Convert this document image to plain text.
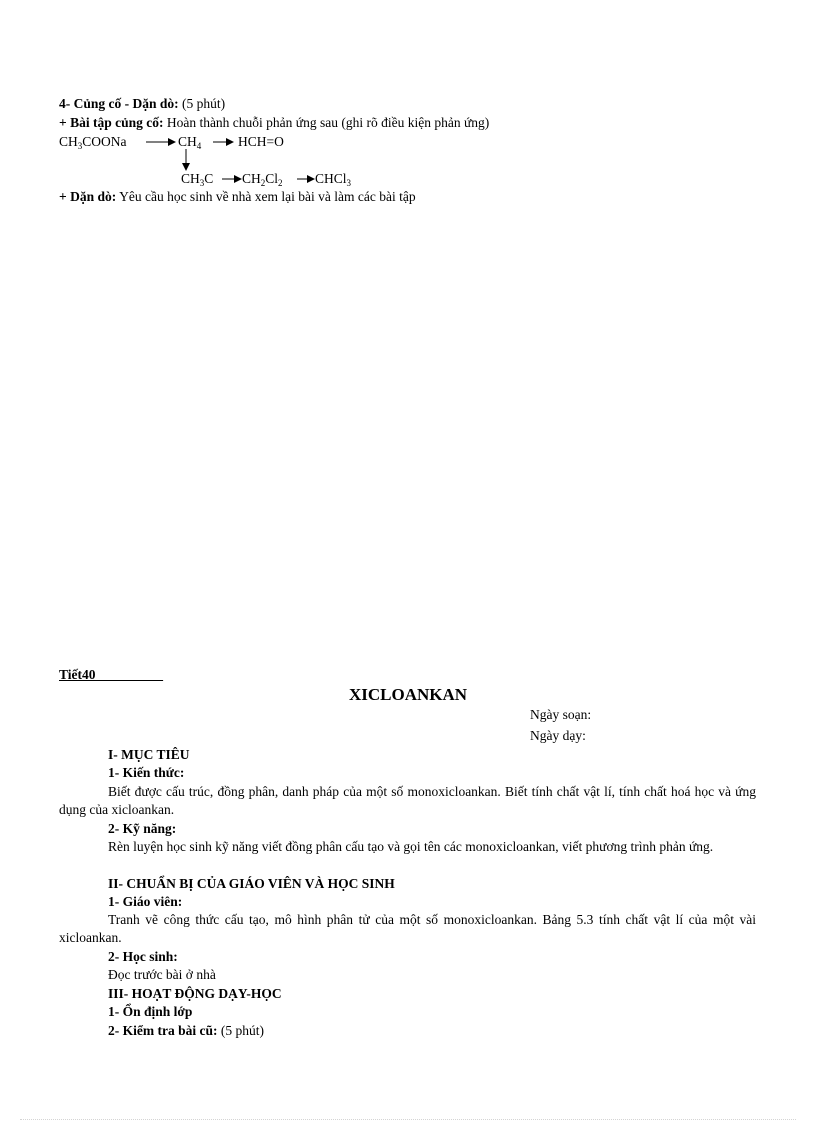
4- Củng cố - Dặn dò: (5 phút)
+ Bài tập củng cố: Hoàn thành chuỗi phản ứng sau (ghi rõ điều kiện phản ứng)
$CH_3COONa$	$CH_4$	HCH=O
$CH_3C$ $CH_2Cl_2$ CHCl$_3$
+ Dặn dò: Yêu cầu học sinh về nhà xem lại bài và làm các bài tập
Tiết40__________
XICLOANKAN
Ngày soạn:
Ngày dạy:
I- MỤC TIÊU
1- Kiến thức:
Biết được cấu trúc, đồng phân, danh pháp của một số monoxicloankan. Biết tính chất vật lí, tính chất hoá học và ứng dụng của xicloankan.
2- Kỹ năng:
Rèn luyện học sinh kỹ năng viết đồng phân cấu tạo và gọi tên các monoxicloankan, viết phương trình phản ứng.
II- CHUẨN BỊ CỦA GIÁO VIÊN VÀ HỌC SINH
1- Giáo viên:
Tranh vẽ công thức cấu tạo, mô hình phân tử của một số monoxicloankan. Bảng 5.3 tính chất vật lí của một vài xicloankan.
2- Học sinh:
Đọc trước bài ở nhà
III- HOẠT ĐỘNG DẠY-HỌC
1- Ổn định lớp
2- Kiểm tra bài cũ: (5 phút)
